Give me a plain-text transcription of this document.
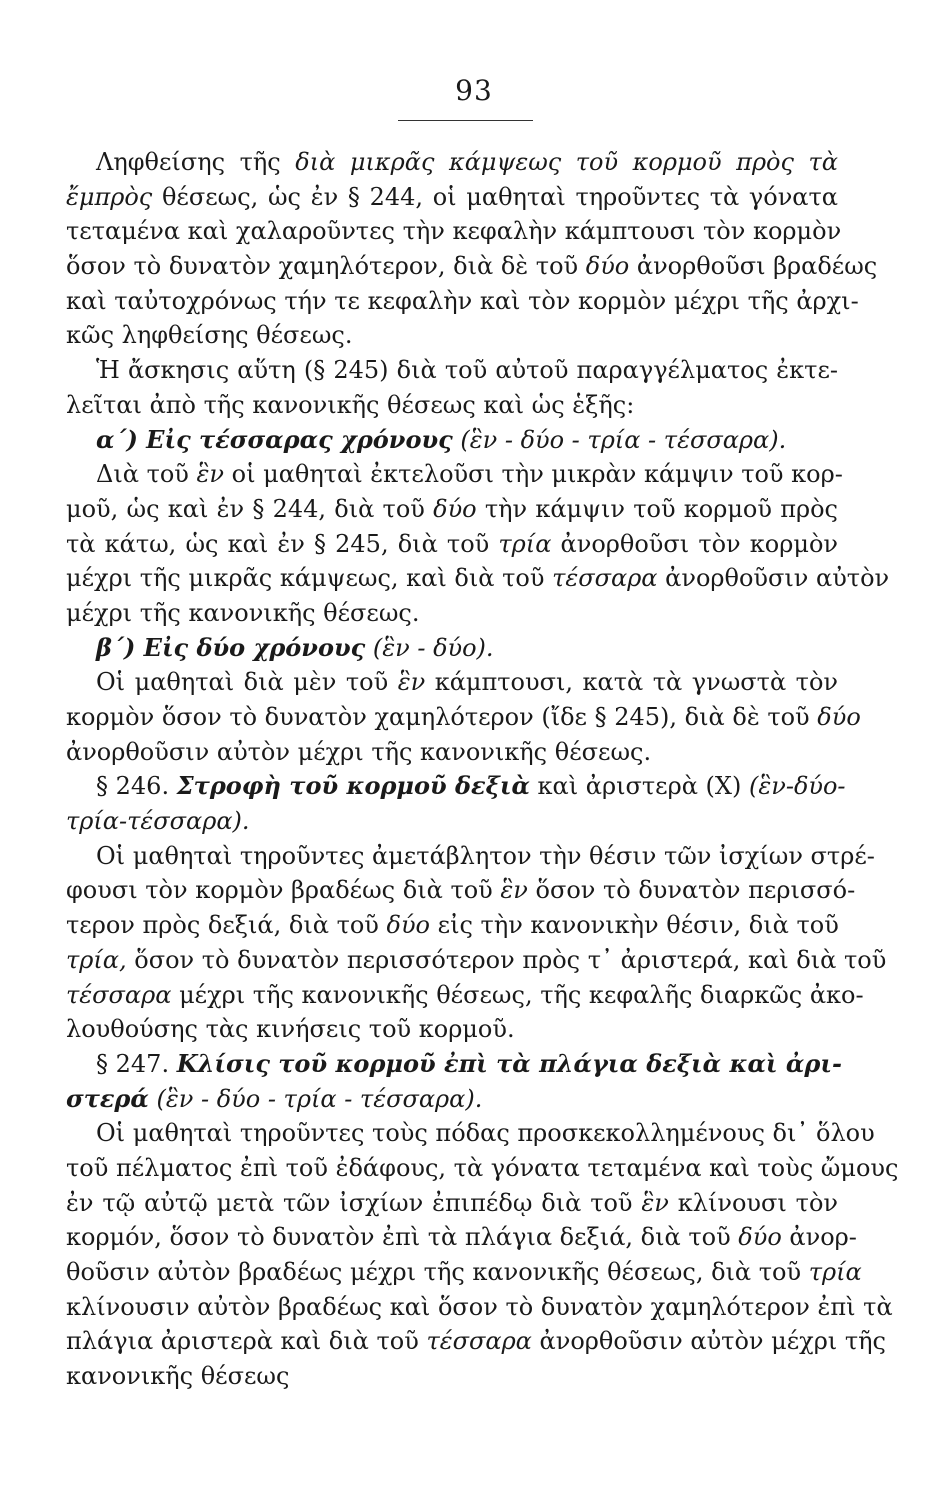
93
Ληφθείσης τῆς διὰ μικρᾶς κάμψεως τοῦ κορμοῦ πρὸς τὰ
ἔμπρὸς θέσεως, ὡς ἐν § 244, οἱ μαθηταὶ τηροῦντες τὰ γόνατα
τεταμένα καὶ χαλαροῦντες τὴν κεφαλὴν κάμπτουσι τὸν κορμὸν
ὅσον τὸ δυνατὸν χαμηλότερον, διὰ δὲ τοῦ δύο ἀνορθοῦσι βραδέως
καὶ ταὐτοχρόνως τήν τε κεφαλὴν καὶ τὸν κορμὸν μέχρι τῆς ἀρχι-
κῶς ληφθείσης θέσεως.
Ἡ ἄσκησις αὕτη (§ 245) διὰ τοῦ αὐτοῦ παραγγέλματος ἐκτε-
λεῖται ἀπὸ τῆς κανονικῆς θέσεως καὶ ὡς ἑξῆς:
α΄) Εἰς τέσσαρας χρόνους (ἓν - δύο - τρία - τέσσαρα).
Διὰ τοῦ ἓν οἱ μαθηταὶ ἐκτελοῦσι τὴν μικρὰν κάμψιν τοῦ κορ-
μοῦ, ὡς καὶ ἐν § 244, διὰ τοῦ δύο τὴν κάμψιν τοῦ κορμοῦ πρὸς
τὰ κάτω, ὡς καὶ ἐν § 245, διὰ τοῦ τρία ἀνορθοῦσι τὸν κορμὸν
μέχρι τῆς μικρᾶς κάμψεως, καὶ διὰ τοῦ τέσσαρα ἀνορθοῦσιν αὐτὸν
μέχρι τῆς κανονικῆς θέσεως.
β΄) Εἰς δύο χρόνους (ἓν - δύο).
Οἱ μαθηταὶ διὰ μὲν τοῦ ἓν κάμπτουσι, κατὰ τὰ γνωστὰ τὸν
κορμὸν ὅσον τὸ δυνατὸν χαμηλότερον (ἴδε § 245), διὰ δὲ τοῦ δύο
ἀνορθοῦσιν αὐτὸν μέχρι τῆς κανονικῆς θέσεως.
§ 246. Στροφὴ τοῦ κορμοῦ δεξιὰ καὶ ἀριστερὰ (Χ) (ἓν-δύο-
τρία-τέσσαρα).
Οἱ μαθηταὶ τηροῦντες ἀμετάβλητον τὴν θέσιν τῶν ἰσχίων στρέ-
φουσι τὸν κορμὸν βραδέως διὰ τοῦ ἓν ὅσον τὸ δυνατὸν περισσό-
τερον πρὸς δεξιά, διὰ τοῦ δύο εἰς τὴν κανονικὴν θέσιν, διὰ τοῦ
τρία, ὅσον τὸ δυνατὸν περισσότερον πρὸς τ᾽ ἀριστερά, καὶ διὰ τοῦ
τέσσαρα μέχρι τῆς κανονικῆς θέσεως, τῆς κεφαλῆς διαρκῶς ἀκο-
λουθούσης τὰς κινήσεις τοῦ κορμοῦ.
§ 247. Κλίσις τοῦ κορμοῦ ἐπὶ τὰ πλάγια δεξιὰ καὶ ἀρι-
στερά (ἓν - δύο - τρία - τέσσαρα).
Οἱ μαθηταὶ τηροῦντες τοὺς πόδας προσκεκολλημένους δι᾽ ὅλου
τοῦ πέλματος ἐπὶ τοῦ ἐδάφους, τὰ γόνατα τεταμένα καὶ τοὺς ὤμους
ἐν τῷ αὐτῷ μετὰ τῶν ἰσχίων ἐπιπέδῳ διὰ τοῦ ἓν κλίνουσι τὸν
κορμόν, ὅσον τὸ δυνατὸν ἐπὶ τὰ πλάγια δεξιά, διὰ τοῦ δύο ἀνορ-
θοῦσιν αὐτὸν βραδέως μέχρι τῆς κανονικῆς θέσεως, διὰ τοῦ τρία
κλίνουσιν αὐτὸν βραδέως καὶ ὅσον τὸ δυνατὸν χαμηλότερον ἐπὶ τὰ
πλάγια ἀριστερὰ καὶ διὰ τοῦ τέσσαρα ἀνορθοῦσιν αὐτὸν μέχρι τῆς
κανονικῆς θέσεως
